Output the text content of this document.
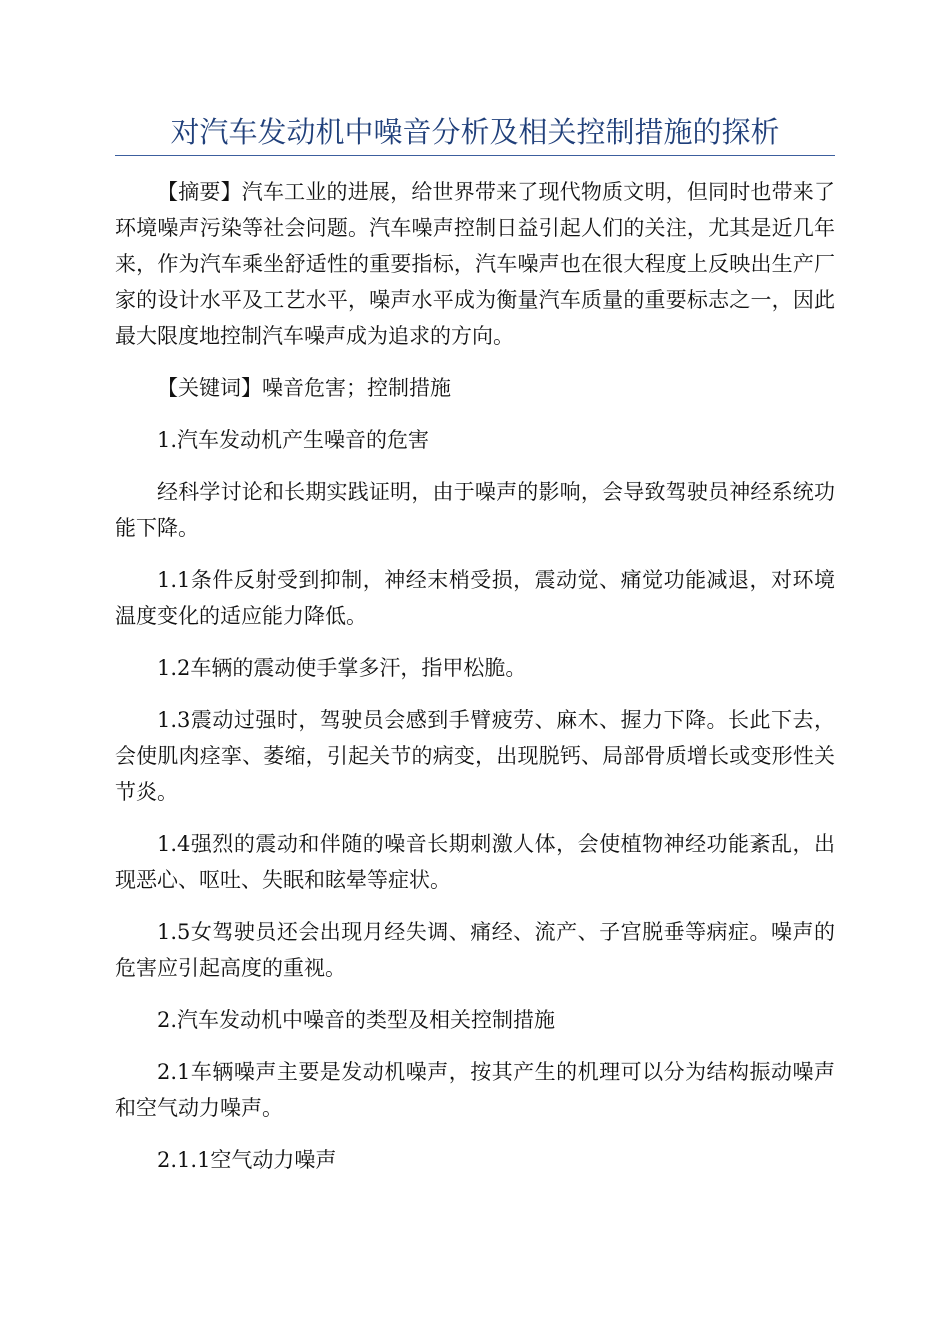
对汽车发动机中噪音分析及相关控制措施的探析

【摘要】汽车工业的进展，给世界带来了现代物质文明，但同时也带来了环境噪声污染等社会问题。汽车噪声控制日益引起人们的关注，尤其是近几年来，作为汽车乘坐舒适性的重要指标，汽车噪声也在很大程度上反映出生产厂家的设计水平及工艺水平，噪声水平成为衡量汽车质量的重要标志之一，因此最大限度地控制汽车噪声成为追求的方向。

【关键词】噪音危害；控制措施

1.汽车发动机产生噪音的危害

经科学讨论和长期实践证明，由于噪声的影响，会导致驾驶员神经系统功能下降。

1.1条件反射受到抑制，神经末梢受损，震动觉、痛觉功能减退，对环境温度变化的适应能力降低。

1.2车辆的震动使手掌多汗，指甲松脆。

1.3震动过强时，驾驶员会感到手臂疲劳、麻木、握力下降。长此下去，会使肌肉痉挛、萎缩，引起关节的病变，出现脱钙、局部骨质增长或变形性关节炎。

1.4强烈的震动和伴随的噪音长期刺激人体，会使植物神经功能紊乱，出现恶心、呕吐、失眠和眩晕等症状。

1.5女驾驶员还会出现月经失调、痛经、流产、子宫脱垂等病症。噪声的危害应引起高度的重视。

2.汽车发动机中噪音的类型及相关控制措施

2.1车辆噪声主要是发动机噪声，按其产生的机理可以分为结构振动噪声和空气动力噪声。

2.1.1空气动力噪声
